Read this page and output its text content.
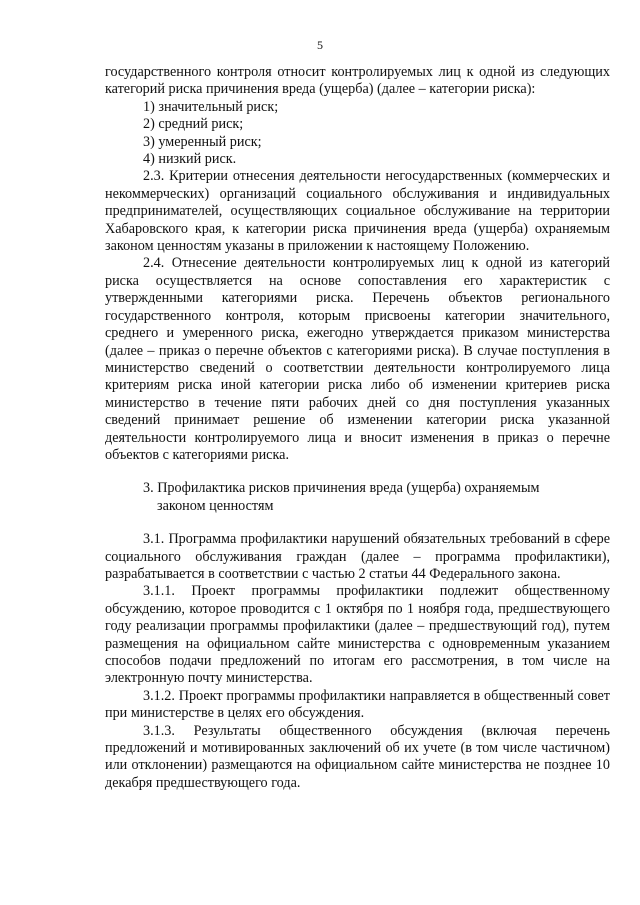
5

государственного контроля относит контролируемых лиц к одной из следующих категорий риска причинения вреда (ущерба) (далее – категории риска):

1) значительный риск;

2) средний риск;

3) умеренный риск;

4) низкий риск.

2.3. Критерии отнесения деятельности негосударственных (коммерческих и некоммерческих) организаций социального обслуживания и индивидуальных предпринимателей, осуществляющих социальное обслуживание на территории Хабаровского края, к категории риска причинения вреда (ущерба) охраняемым законом ценностям указаны в приложении к настоящему Положению.

2.4. Отнесение деятельности контролируемых лиц к одной из категорий риска осуществляется на основе сопоставления его характеристик с утвержденными категориями риска. Перечень объектов регионального государственного контроля, которым присвоены категории значительного, среднего и умеренного риска, ежегодно утверждается приказом министерства (далее – приказ о перечне объектов с категориями риска). В случае поступления в министерство сведений о соответствии деятельности контролируемого лица критериям риска иной категории риска либо об изменении критериев риска министерство в течение пяти рабочих дней со дня поступления указанных сведений принимает решение об изменении категории риска указанной деятельности контролируемого лица и вносит изменения в приказ о перечне объектов с категориями риска.

3. Профилактика рисков причинения вреда (ущерба) охраняемым
законом ценностям

3.1. Программа профилактики нарушений обязательных требований в сфере социального обслуживания граждан (далее – программа профилактики), разрабатывается в соответствии с частью 2 статьи 44 Федерального закона.

3.1.1. Проект программы профилактики подлежит общественному обсуждению, которое проводится с 1 октября по 1 ноября года, предшествующего году реализации программы профилактики (далее – предшествующий год), путем размещения на официальном сайте министерства с одновременным указанием способов подачи предложений по итогам его рассмотрения, в том числе на электронную почту министерства.

3.1.2. Проект программы профилактики направляется в общественный совет при министерстве в целях его обсуждения.

3.1.3. Результаты общественного обсуждения (включая перечень предложений и мотивированных заключений об их учете (в том числе частичном) или отклонении) размещаются на официальном сайте министерства не позднее 10 декабря предшествующего года.
